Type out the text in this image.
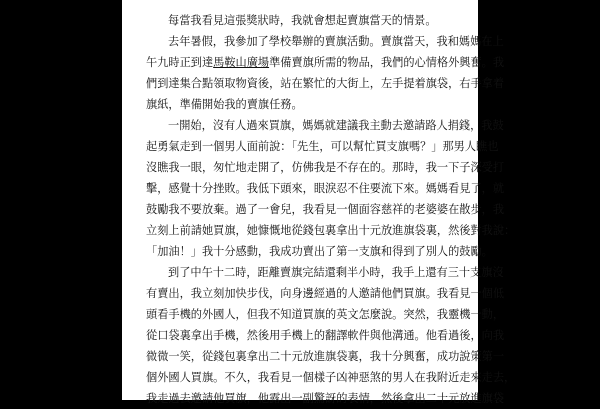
每當我看見這張獎狀時，我就會想起賣旗當天的情景。
去年暑假，我參加了學校舉辦的賣旗活動。賣旗當天，我和媽媽在上
午九時正到達馬鞍山廣場準備賣旗所需的物品，我們的心情格外興奮。我
們到達集合點領取物資後，站在繁忙的大街上，左手提着旗袋，右手拿着
旗紙，準備開始我的賣旗任務。
一開始，沒有人過來買旗，媽媽就建議我主動去邀請路人捐錢，我鼓
起勇氣走到一個男人面前說：「先生，可以幫忙買支旗嗎？」那男人瞧也
沒瞧我一眼，匆忙地走開了，仿佛我是不存在的。那時，我一下子深受打
擊，感覺十分挫敗。我低下頭來，眼淚忍不住要流下來。媽媽看見了，就
鼓勵我不要放棄。過了一會兒，我看見一個面容慈祥的老婆婆在散步，我
立刻上前請她買旗，她慷慨地從錢包裏拿出十元放進旗袋裏，然後對我說：
「加油！」我十分感動，我成功賣出了第一支旗和得到了別人的鼓勵。
到了中午十二時，距離賣旗完結還剩半小時，我手上還有三十支旗沒
有賣出，我立刻加快步伐，向身邊經過的人邀請他們買旗。我看見一個低
頭看手機的外國人，但我不知道買旗的英文怎麼說。突然，我靈機一動，
從口袋裏拿出手機，然後用手機上的翻譯軟件與他溝通。他看過後，向我
微微一笑，從錢包裏拿出二十元放進旗袋裏，我十分興奮，成功說策第一
個外國人買旗。不久，我看見一個樣子凶神惡煞的男人在我附近走來走去，
我走過去邀請他買旗，他露出一副驚訝的表情，然後拿出二十元放進旗袋
